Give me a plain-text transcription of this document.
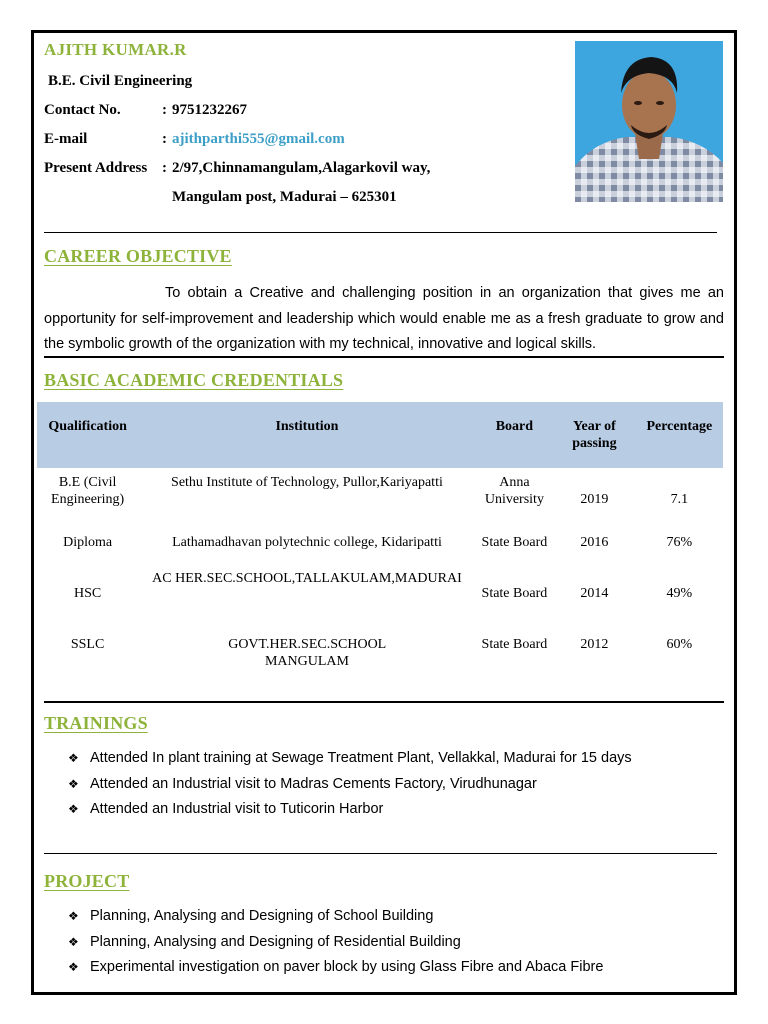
AJITH KUMAR.R
B.E. Civil Engineering
Contact No.	: 9751232267
E-mail	: ajithparthi555@gmail.com
Present Address : 2/97,Chinnamangulam,Alagarkovil way,
Mangulam post, Madurai – 625301
CAREER OBJECTIVE
To obtain a Creative and challenging position in an organization that gives me an opportunity for self-improvement and leadership which would enable me as a fresh graduate to grow and the symbolic growth of the organization with my technical, innovative and logical skills.
BASIC ACADEMIC CREDENTIALS
Qualification	Institution	Board	Year of passing	Percentage
B.E (Civil Engineering)	Sethu Institute of Technology, Pullor,Kariyapatti	Anna University	2019	7.1
Diploma	Lathamadhavan polytechnic college, Kidaripatti	State Board	2016	76%
HSC	AC HER.SEC.SCHOOL,TALLAKULAM,MADURAI	State Board	2014	49%
SSLC	GOVT.HER.SEC.SCHOOL MANGULAM	State Board	2012	60%
TRAININGS
❖ Attended In plant training at Sewage Treatment Plant, Vellakkal, Madurai for 15 days
❖ Attended an Industrial visit to Madras Cements Factory, Virudhunagar
❖ Attended an Industrial visit to Tuticorin Harbor
PROJECT
❖ Planning, Analysing and Designing of School Building
❖ Planning, Analysing and Designing of Residential Building
❖ Experimental investigation on paver block by using Glass Fibre and Abaca Fibre
